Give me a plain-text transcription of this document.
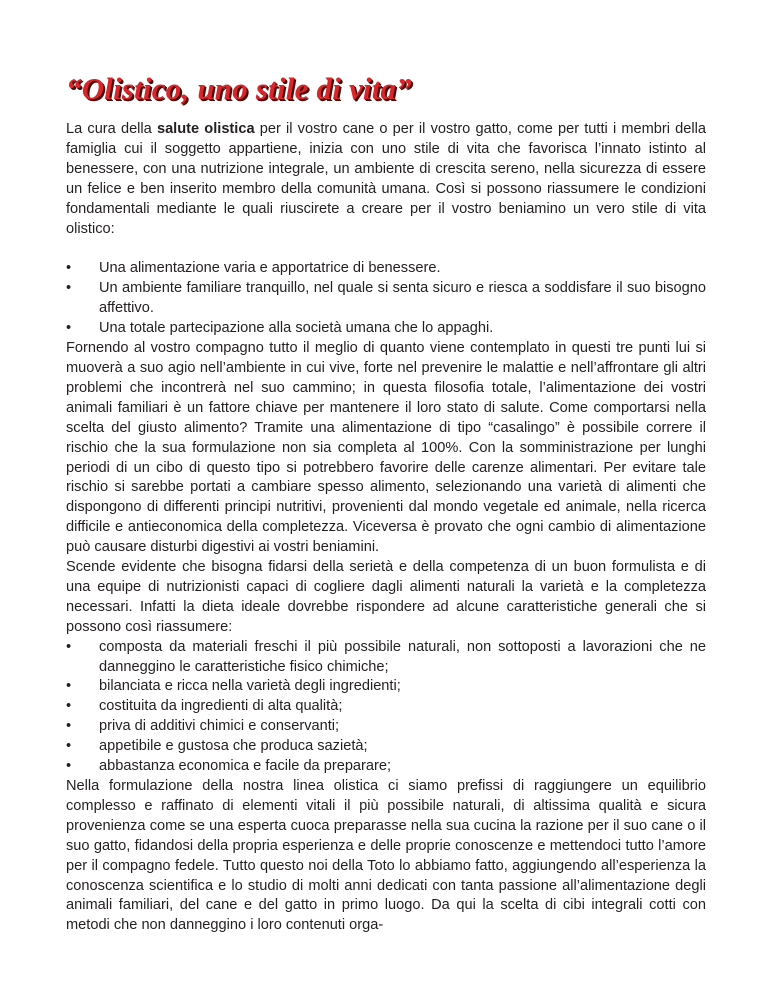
“Olistico, uno stile di vita”

La cura della salute olistica per il vostro cane o per il vostro gatto, come per tutti i membri della famiglia cui il soggetto appartiene, inizia con uno stile di vita che favorisca l’innato istinto al benessere, con una nutrizione integrale, un ambiente di crescita sereno, nella sicurezza di essere un felice e ben inserito membro della comunità umana. Così si possono riassumere le condizioni fondamentali mediante le quali riuscirete a creare per il vostro beniamino un vero stile di vita olistico:

• Una alimentazione varia e apportatrice di benessere.
• Un ambiente familiare tranquillo, nel quale si senta sicuro e riesca a soddisfare il suo bisogno affettivo.
• Una totale partecipazione alla società umana che lo appaghi.

Fornendo al vostro compagno tutto il meglio di quanto viene contemplato in questi tre punti lui si muoverà a suo agio nell’ambiente in cui vive, forte nel prevenire le malattie e nell’affrontare gli altri problemi che incontrerà nel suo cammino; in questa filosofia totale, l’alimentazione dei vostri animali familiari è un fattore chiave per mantenere il loro stato di salute. Come comportarsi nella scelta del giusto alimento? Tramite una alimentazione di tipo “casalingo” è possibile correre il rischio che la sua formulazione non sia completa al 100%. Con la somministrazione per lunghi periodi di un cibo di questo tipo si potrebbero favorire delle carenze alimentari. Per evitare tale rischio si sarebbe portati a cambiare spesso alimento, selezionando una varietà di alimenti che dispongono di differenti principi nutritivi, provenienti dal mondo vegetale ed animale, nella ricerca difficile e antieconomica della completezza. Viceversa è provato che ogni cambio di alimentazione può causare disturbi digestivi ai vostri beniamini.

Scende evidente che bisogna fidarsi della serietà e della competenza di un buon formulista e di una equipe di nutrizionisti capaci di cogliere dagli alimenti naturali la varietà e la completezza necessari. Infatti la dieta ideale dovrebbe rispondere ad alcune caratteristiche generali che si possono così riassumere:

• composta da materiali freschi il più possibile naturali, non sottoposti a lavorazioni che ne danneggino le caratteristiche fisico chimiche;
• bilanciata e ricca nella varietà degli ingredienti;
• costituita da ingredienti di alta qualità;
• priva di additivi chimici e conservanti;
• appetibile e gustosa che produca sazietà;
• abbastanza economica e facile da preparare;

Nella formulazione della nostra linea olistica ci siamo prefissi di raggiungere un equilibrio complesso e raffinato di elementi vitali il più possibile naturali, di altissima qualità e sicura provenienza come se una esperta cuoca preparasse nella sua cucina la razione per il suo cane o il suo gatto, fidandosi della propria esperienza e delle proprie conoscenze e mettendoci tutto l’amore per il compagno fedele. Tutto questo noi della Toto lo abbiamo fatto, aggiungendo all’esperienza la conoscenza scientifica e lo studio di molti anni dedicati con tanta passione all’alimentazione degli animali familiari, del cane e del gatto in primo luogo. Da qui la scelta di cibi integrali cotti con metodi che non danneggino i loro contenuti orga-
